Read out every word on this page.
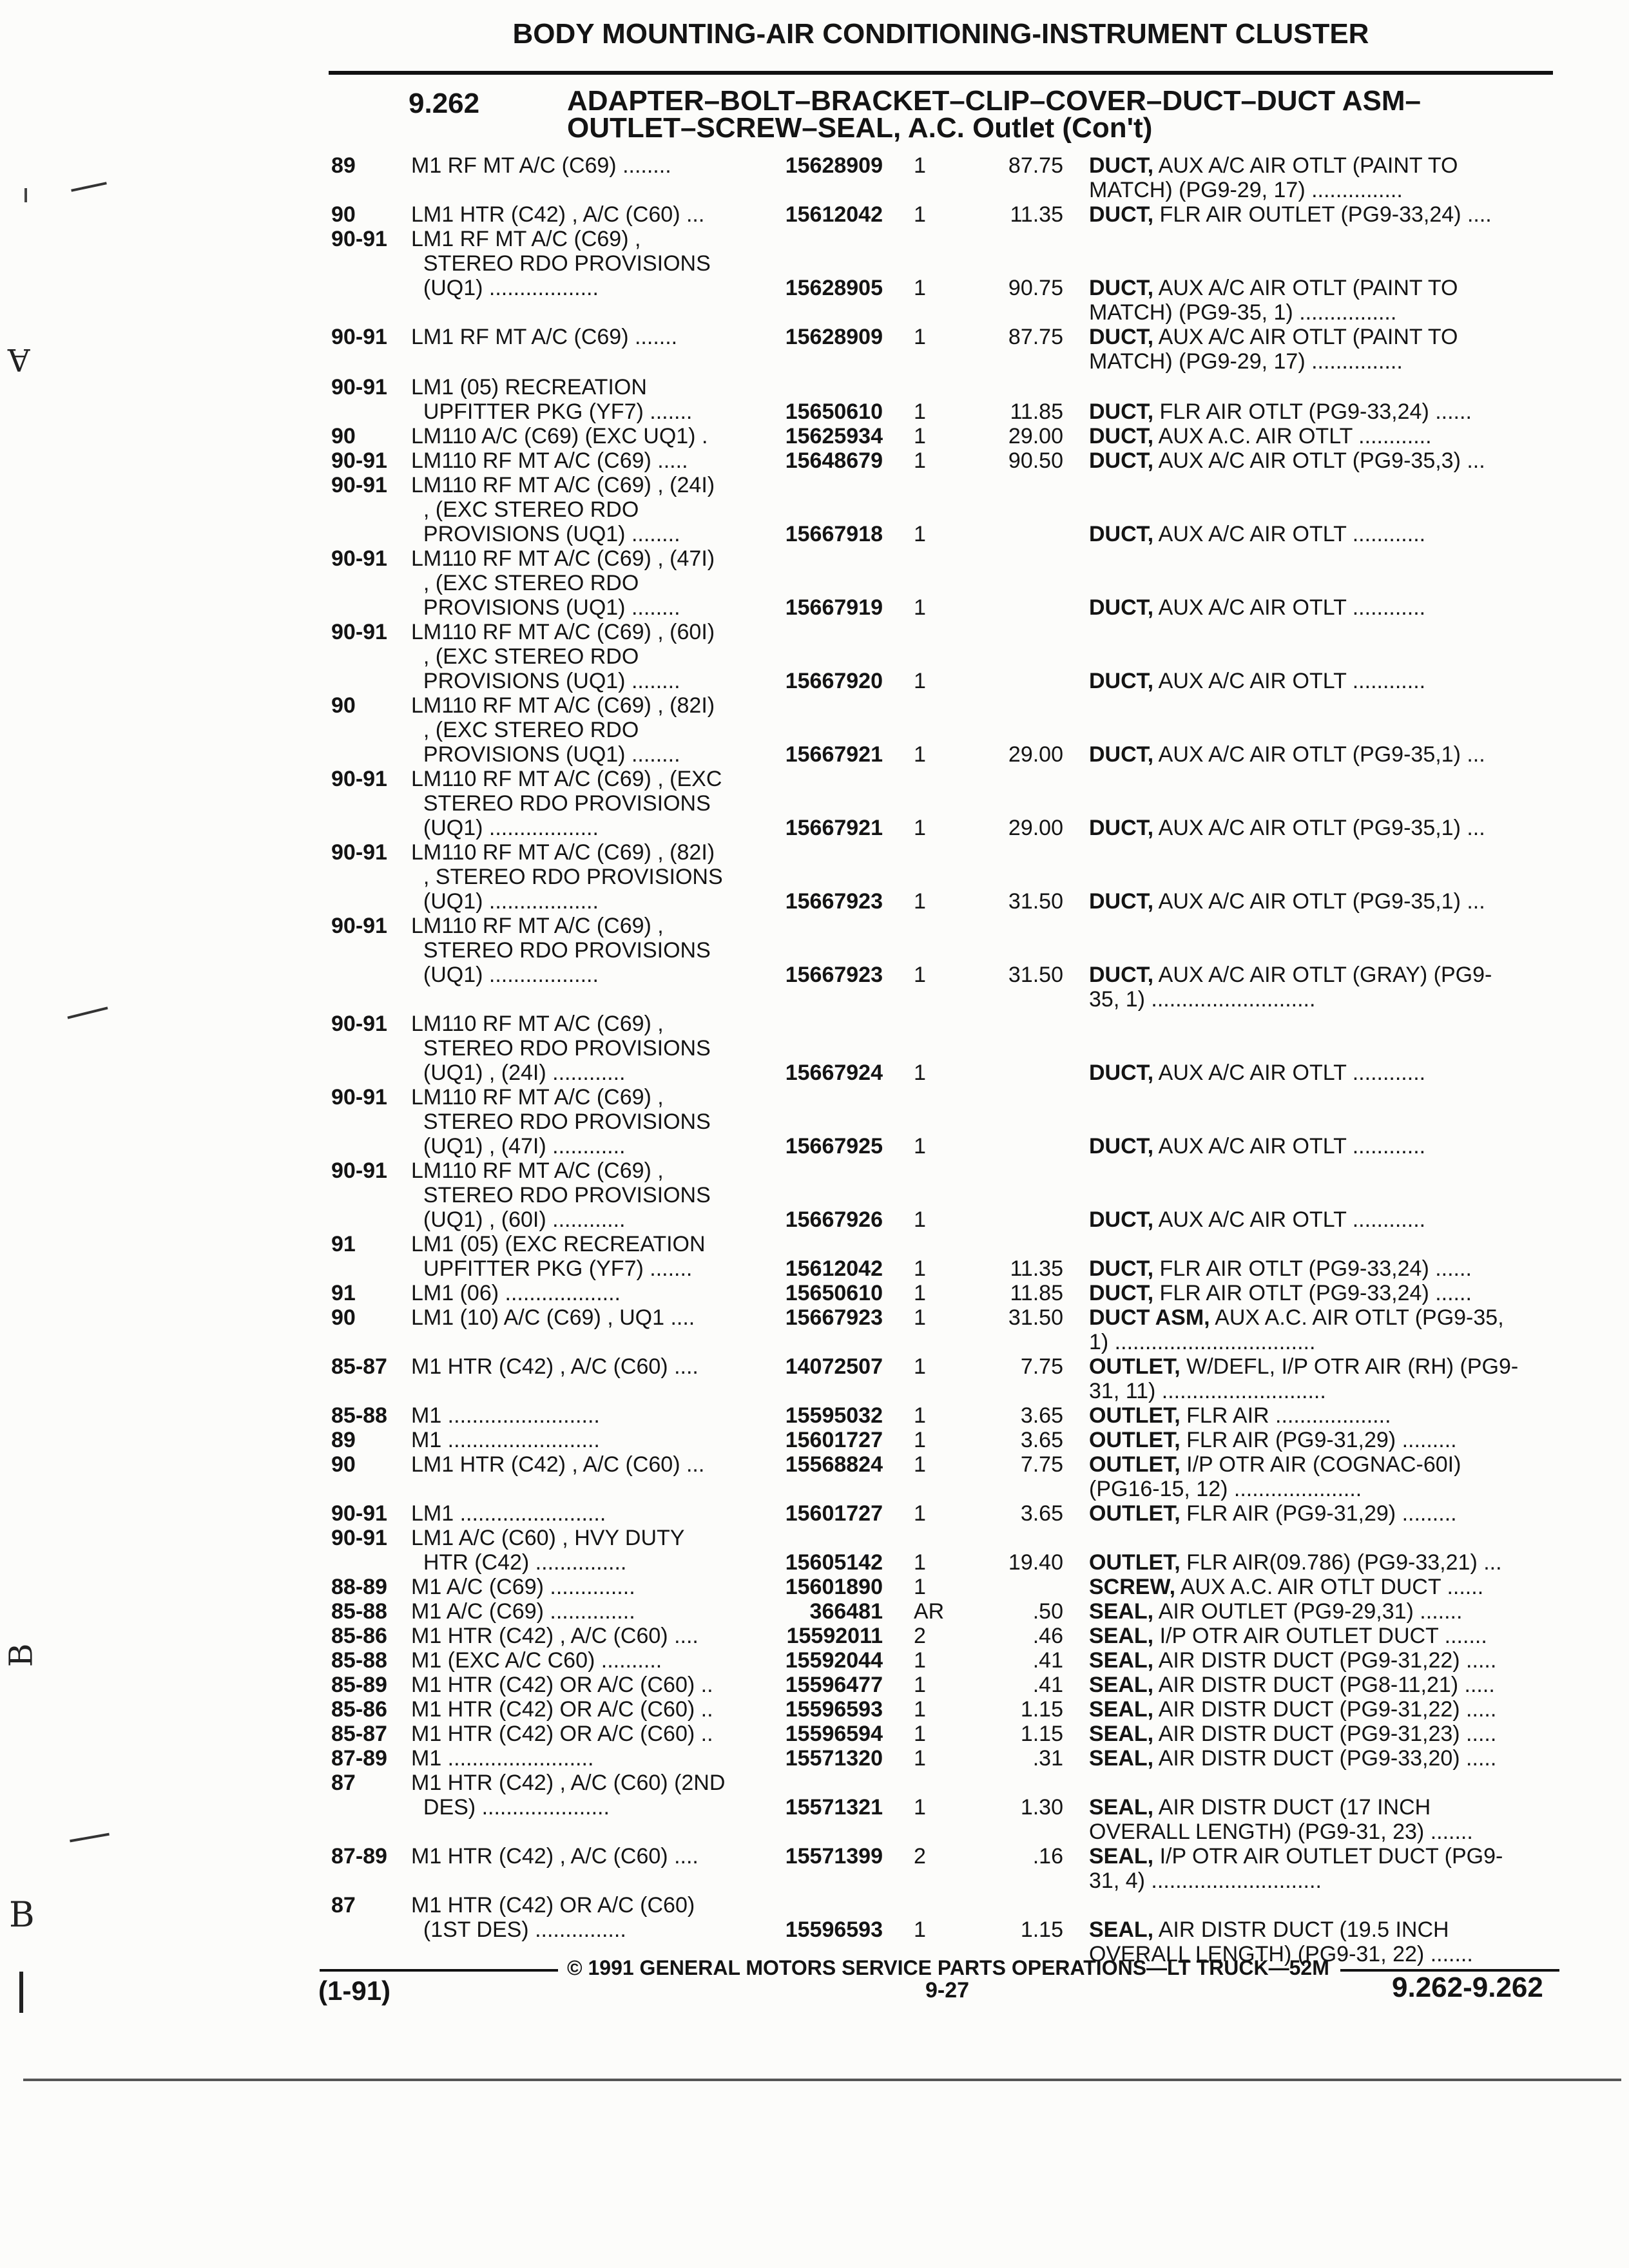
BODY MOUNTING-AIR CONDITIONING-INSTRUMENT CLUSTER
9.262	ADAPTER–BOLT–BRACKET–CLIP–COVER–DUCT–DUCT ASM–
OUTLET–SCREW–SEAL, A.C. Outlet (Con't)
89	M1 RF MT A/C (C69) ........	15628909 1	87.75 DUCT, AUX A/C AIR OTLT (PAINT TO
MATCH) (PG9-29, 17) ...............
90	LM1 HTR (C42) , A/C (C60) ...	15612042 1	11.35 DUCT, FLR AIR OUTLET (PG9-33,24) ....
90-91 LM1 RF MT A/C (C69) ,
STEREO RDO PROVISIONS
(UQ1) ..................	15628905 1	90.75 DUCT, AUX A/C AIR OTLT (PAINT TO
MATCH) (PG9-35, 1) ................
90-91 LM1 RF MT A/C (C69) .......	15628909 1	87.75 DUCT, AUX A/C AIR OTLT (PAINT TO
MATCH) (PG9-29, 17) ...............
90-91 LM1 (05) RECREATION
UPFITTER PKG (YF7) .......	15650610 1	11.85 DUCT, FLR AIR OTLT (PG9-33,24) ......
90	LM110 A/C (C69) (EXC UQ1) .	15625934 1	29.00 DUCT, AUX A.C. AIR OTLT ............
90-91 LM110 RF MT A/C (C69) .....	15648679 1	90.50 DUCT, AUX A/C AIR OTLT (PG9-35,3) ...
90-91 LM110 RF MT A/C (C69) , (24I)
, (EXC STEREO RDO
PROVISIONS (UQ1) ........	15667918 1	DUCT, AUX A/C AIR OTLT ............
90-91 LM110 RF MT A/C (C69) , (47I)
, (EXC STEREO RDO
PROVISIONS (UQ1) ........	15667919 1	DUCT, AUX A/C AIR OTLT ............
90-91 LM110 RF MT A/C (C69) , (60I)
, (EXC STEREO RDO
PROVISIONS (UQ1) ........	15667920 1	DUCT, AUX A/C AIR OTLT ............
90	LM110 RF MT A/C (C69) , (82I)
, (EXC STEREO RDO
PROVISIONS (UQ1) ........	15667921 1	29.00 DUCT, AUX A/C AIR OTLT (PG9-35,1) ...
90-91 LM110 RF MT A/C (C69) , (EXC
STEREO RDO PROVISIONS
(UQ1) ..................	15667921 1	29.00 DUCT, AUX A/C AIR OTLT (PG9-35,1) ...
90-91 LM110 RF MT A/C (C69) , (82I)
, STEREO RDO PROVISIONS
(UQ1) ..................	15667923 1	31.50 DUCT, AUX A/C AIR OTLT (PG9-35,1) ...
90-91 LM110 RF MT A/C (C69) ,
STEREO RDO PROVISIONS
(UQ1) ..................	15667923 1	31.50 DUCT, AUX A/C AIR OTLT (GRAY) (PG9-
35, 1) ...........................
90-91 LM110 RF MT A/C (C69) ,
STEREO RDO PROVISIONS
(UQ1) , (24I) ............	15667924 1	DUCT, AUX A/C AIR OTLT ............
90-91 LM110 RF MT A/C (C69) ,
STEREO RDO PROVISIONS
(UQ1) , (47I) ............	15667925 1	DUCT, AUX A/C AIR OTLT ............
90-91 LM110 RF MT A/C (C69) ,
STEREO RDO PROVISIONS
(UQ1) , (60I) ............	15667926 1	DUCT, AUX A/C AIR OTLT ............
91	LM1 (05) (EXC RECREATION
UPFITTER PKG (YF7) .......	15612042 1	11.35 DUCT, FLR AIR OTLT (PG9-33,24) ......
91	LM1 (06) ...................	15650610 1	11.85 DUCT, FLR AIR OTLT (PG9-33,24) ......
90	LM1 (10) A/C (C69) , UQ1 ....	15667923 1	31.50 DUCT ASM, AUX A.C. AIR OTLT (PG9-35,
1) .................................
85-87 M1 HTR (C42) , A/C (C60) ....	14072507 1	7.75 OUTLET, W/DEFL, I/P OTR AIR (RH) (PG9-
31, 11) ...........................
85-88 M1 .........................	15595032 1	3.65 OUTLET, FLR AIR ...................
89	M1 .........................	15601727 1	3.65 OUTLET, FLR AIR (PG9-31,29) .........
90	LM1 HTR (C42) , A/C (C60) ...	15568824 1	7.75 OUTLET, I/P OTR AIR (COGNAC-60I)
(PG16-15, 12) .....................
90-91 LM1 ........................	15601727 1	3.65 OUTLET, FLR AIR (PG9-31,29) .........
90-91 LM1 A/C (C60) , HVY DUTY
HTR (C42) ...............	15605142 1	19.40 OUTLET, FLR AIR(09.786) (PG9-33,21) ...
88-89 M1 A/C (C69) ..............	15601890 1	SCREW, AUX A.C. AIR OTLT DUCT ......
85-88 M1 A/C (C69) ..............	366481 AR	.50 SEAL, AIR OUTLET (PG9-29,31) .......
85-86 M1 HTR (C42) , A/C (C60) ....	15592011 2	.46 SEAL, I/P OTR AIR OUTLET DUCT .......
85-88 M1 (EXC A/C C60) ..........	15592044 1	.41 SEAL, AIR DISTR DUCT (PG9-31,22) .....
85-89 M1 HTR (C42) OR A/C (C60) ..	15596477 1	.41 SEAL, AIR DISTR DUCT (PG8-11,21) .....
85-86 M1 HTR (C42) OR A/C (C60) ..	15596593 1	1.15 SEAL, AIR DISTR DUCT (PG9-31,22) .....
85-87 M1 HTR (C42) OR A/C (C60) ..	15596594 1	1.15 SEAL, AIR DISTR DUCT (PG9-31,23) .....
87-89 M1 ........................	15571320 1	.31 SEAL, AIR DISTR DUCT (PG9-33,20) .....
87	M1 HTR (C42) , A/C (C60) (2ND
DES) .....................	15571321 1	1.30 SEAL, AIR DISTR DUCT (17 INCH
OVERALL LENGTH) (PG9-31, 23) .......
87-89 M1 HTR (C42) , A/C (C60) ....	15571399 2	.16 SEAL, I/P OTR AIR OUTLET DUCT (PG9-
31, 4) ............................
87	M1 HTR (C42) OR A/C (C60)
(1ST DES) ...............	15596593 1	1.15 SEAL, AIR DISTR DUCT (19.5 INCH
OVERALL LENGTH) (PG9-31, 22) .......
A
B
B
(1-91)
© 1991 GENERAL MOTORS SERVICE PARTS OPERATIONS—LT TRUCK—52M
9-27	9.262-9.262
